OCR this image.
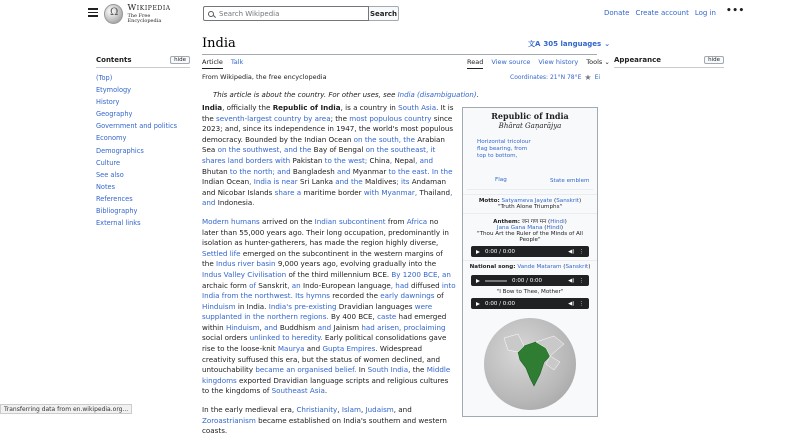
Ω
Wikipedia
The Free Encyclopedia
Search Wikipedia	Search	Donate Create account Log in •••
Contents	hide
(Top)
Etymology
History
Geography
Government and politics
Economy
Demographics
Culture
See also
Notes
References
Bibliography
External links
India	文A 305 languages ⌄
Article Talk	Read View source View history Tools ⌄
From Wikipedia, the free encyclopedia	Coordinates: 21°N 78°E ★ Ei
This article is about the country. For other uses, see India (disambiguation).
Appearance	hide

India, officially the Republic of India, is a country in South Asia. It is the seventh-largest country by area; the most populous country since 2023; and, since its independence in 1947, the world's most populous democracy. Bounded by the Indian Ocean on the south, the Arabian Sea on the southwest, and the Bay of Bengal on the southeast, it shares land borders with Pakistan to the west; China, Nepal, and Bhutan to the north; and Bangladesh and Myanmar to the east. In the Indian Ocean, India is near Sri Lanka and the Maldives; its Andaman and Nicobar Islands share a maritime border with Myanmar, Thailand, and Indonesia.

Modern humans arrived on the Indian subcontinent from Africa no later than 55,000 years ago. Their long occupation, predominantly in isolation as hunter-gatherers, has made the region highly diverse, Settled life emerged on the subcontinent in the western margins of the Indus river basin 9,000 years ago, evolving gradually into the Indus Valley Civilisation of the third millennium BCE. By 1200 BCE, an archaic form of Sanskrit, an Indo-European language, had diffused into India from the northwest. Its hymns recorded the early dawnings of Hinduism in India. India's pre-existing Dravidian languages were supplanted in the northern regions. By 400 BCE, caste had emerged within Hinduism, and Buddhism and Jainism had arisen, proclaiming social orders unlinked to heredity. Early political consolidations gave rise to the loose-knit Maurya and Gupta Empires. Widespread creativity suffused this era, but the status of women declined, and untouchability became an organised belief. In South India, the Middle kingdoms exported Dravidian language scripts and religious cultures to the kingdoms of Southeast Asia.

In the early medieval era, Christianity, Islam, Judaism, and Zoroastrianism became established on India's southern and western coasts.

Republic of India
Bhārat Gaṇarājya
Horizontal tricolour flag bearing, from top to bottom,
Flag	State emblem
Motto: Satyameva Jayate (Sanskrit)
"Truth Alone Triumphs"
Anthem: जन गण मन (Hindi)
Jana Gana Mana (Hindi)
"Thou Art the Ruler of the Minds of All People"
0:00 / 0:00	◀) ⋮
National song: Vande Mataram (Sanskrit)
0:00 / 0:00	◀) ⋮
"I Bow to Thee, Mother"
0:00 / 0:00	◀) ⋮
Transferring data from en.wikipedia.org...
